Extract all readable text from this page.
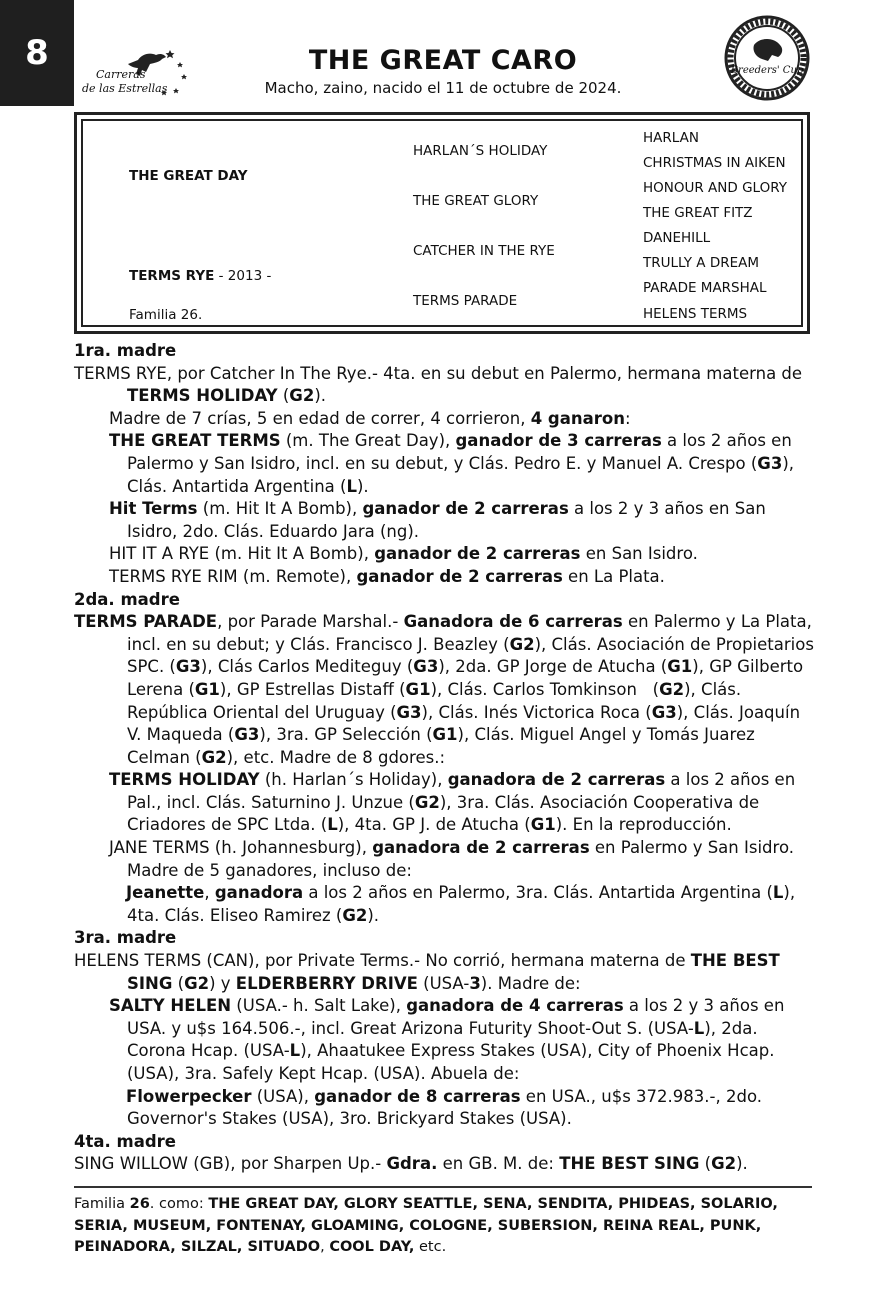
8
Carreras
de las Estrellas
Breeders' Cup
THE GREAT CARO
Macho, zaino, nacido el 11 de octubre de 2024.
THE GREAT DAY
TERMS RYE - 2013 -
Familia 26.
HARLAN´S HOLIDAY
THE GREAT GLORY
CATCHER IN THE RYE
TERMS PARADE
HARLAN
CHRISTMAS IN AIKEN
HONOUR AND GLORY
THE GREAT FITZ
DANEHILL
TRULLY A DREAM
PARADE MARSHAL
HELENS TERMS

1ra. madre

TERMS RYE, por Catcher In The Rye.- 4ta. en su debut en Palermo, hermana materna de TERMS HOLIDAY (G2).

Madre de 7 crías, 5 en edad de correr, 4 corrieron, 4 ganaron:

THE GREAT TERMS (m. The Great Day), ganador de 3 carreras a los 2 años en Palermo y San Isidro, incl. en su debut, y Clás. Pedro E. y Manuel A. Crespo (G3), Clás. Antartida Argentina (L).

Hit Terms (m. Hit It A Bomb), ganador de 2 carreras a los 2 y 3 años en San Isidro, 2do. Clás. Eduardo Jara (ng).

HIT IT A RYE (m. Hit It A Bomb), ganador de 2 carreras en San Isidro.

TERMS RYE RIM (m. Remote), ganador de 2 carreras en La Plata.

2da. madre

TERMS PARADE, por Parade Marshal.- Ganadora de 6 carreras en Palermo y La Plata, incl. en su debut; y Clás. Francisco J. Beazley (G2), Clás. Asociación de Propietarios SPC. (G3), Clás Carlos Mediteguy (G3), 2da. GP Jorge de Atucha (G1), GP Gilberto Lerena (G1), GP Estrellas Distaff (G1), Clás. Carlos Tomkinson   (G2), Clás. República Oriental del Uruguay (G3), Clás. Inés Victorica Roca (G3), Clás. Joaquín V. Maqueda (G3), 3ra. GP Selección (G1), Clás. Miguel Angel y Tomás Juarez Celman (G2), etc. Madre de 8 gdores.:

TERMS HOLIDAY (h. Harlan´s Holiday), ganadora de 2 carreras a los 2 años en Pal., incl. Clás. Saturnino J. Unzue (G2), 3ra. Clás. Asociación Cooperativa de Criadores de SPC Ltda. (L), 4ta. GP J. de Atucha (G1). En la reproducción.

JANE TERMS (h. Johannesburg), ganadora de 2 carreras en Palermo y San Isidro. Madre de 5 ganadores, incluso de:

Jeanette, ganadora a los 2 años en Palermo, 3ra. Clás. Antartida Argentina (L), 4ta. Clás. Eliseo Ramirez (G2).

3ra. madre

HELENS TERMS (CAN), por Private Terms.- No corrió, hermana materna de THE BEST SING (G2) y ELDERBERRY DRIVE (USA-3). Madre de:

SALTY HELEN (USA.- h. Salt Lake), ganadora de 4 carreras a los 2 y 3 años en USA. y u$s 164.506.-, incl. Great Arizona Futurity Shoot-Out S. (USA-L), 2da. Corona Hcap. (USA-L), Ahaatukee Express Stakes (USA), City of Phoenix Hcap. (USA), 3ra. Safely Kept Hcap. (USA). Abuela de:

Flowerpecker (USA), ganador de 8 carreras en USA., u$s 372.983.-, 2do. Governor's Stakes (USA), 3ro. Brickyard Stakes (USA).

4ta. madre

SING WILLOW (GB), por Sharpen Up.- Gdra. en GB. M. de: THE BEST SING (G2).

Familia 26. como: THE GREAT DAY, GLORY SEATTLE, SENA, SENDITA, PHIDEAS, SOLARIO, SERIA, MUSEUM, FONTENAY, GLOAMING, COLOGNE, SUBERSION, REINA REAL, PUNK, PEINADORA, SILZAL, SITUADO, COOL DAY, etc.
